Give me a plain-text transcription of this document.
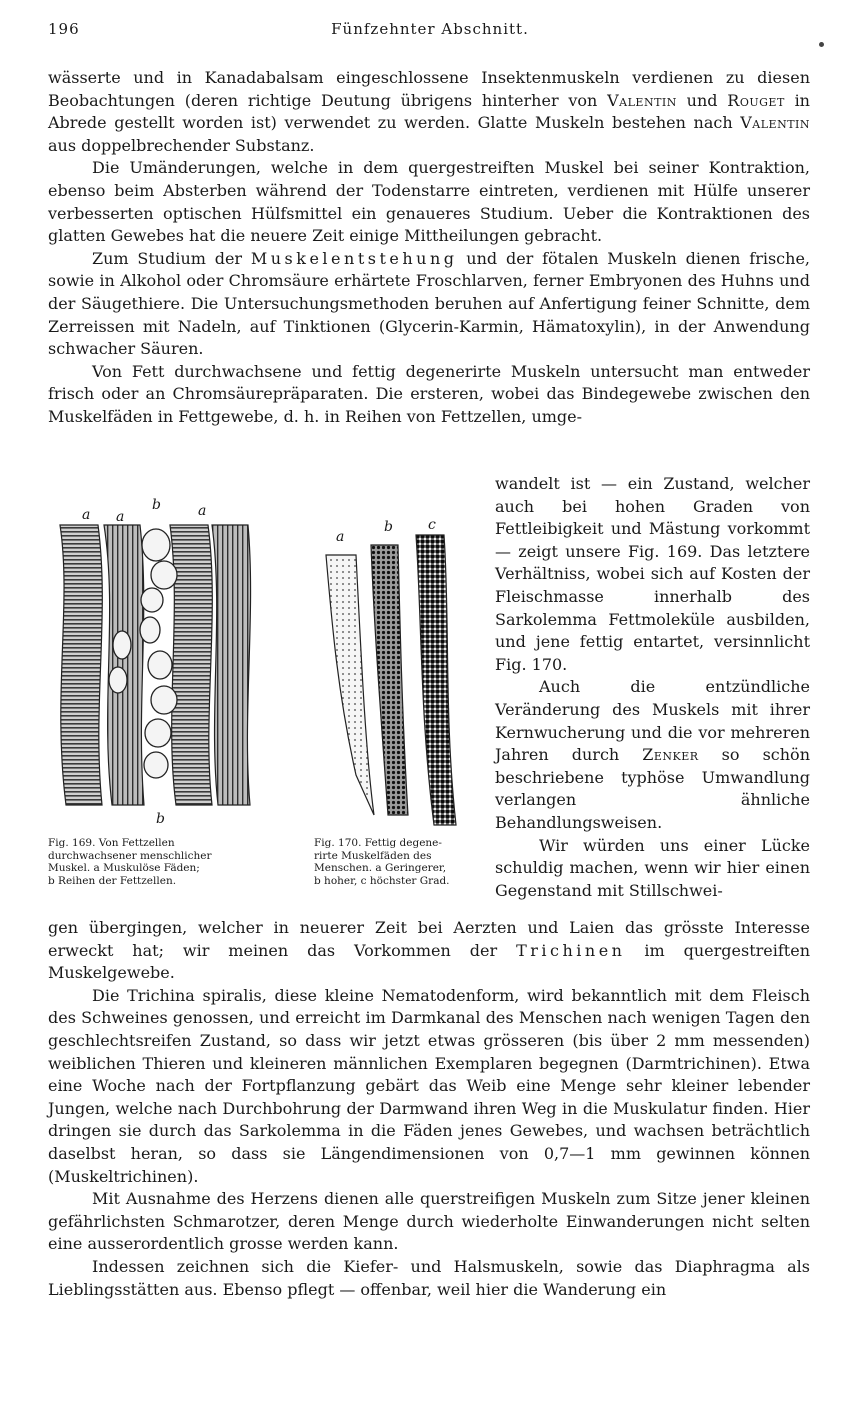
196	Fünfzehnter Abschnitt.

wässerte und in Kanadabalsam eingeschlossene Insektenmuskeln verdienen zu diesen Beobachtungen (deren richtige Deutung übrigens hinterher von Valentin und Rouget in Abrede gestellt worden ist) verwendet zu werden. Glatte Muskeln bestehen nach Valentin aus doppelbrechender Substanz.

Die Umänderungen, welche in dem quergestreiften Muskel bei seiner Kontraktion, ebenso beim Absterben während der Todenstarre eintreten, verdienen mit Hülfe unserer verbesserten optischen Hülfsmittel ein genaueres Studium. Ueber die Kontraktionen des glatten Gewebes hat die neuere Zeit einige Mittheilungen gebracht.

Zum Studium der Muskelentstehung und der fötalen Muskeln dienen frische, sowie in Alkohol oder Chromsäure erhärtete Froschlarven, ferner Embryonen des Huhns und der Säugethiere. Die Untersuchungsmethoden beruhen auf Anfertigung feiner Schnitte, dem Zerreissen mit Nadeln, auf Tinktionen (Glycerin-Karmin, Hämatoxylin), in der Anwendung schwacher Säuren.

Von Fett durchwachsene und fettig degenerirte Muskeln untersucht man entweder frisch oder an Chromsäurepräparaten. Die ersteren, wobei das Bindegewebe zwischen den Muskelfäden in Fettgewebe, d. h. in Reihen von Fettzellen, umge-

a a
b	a
b
Fig. 169. Von Fettzellen
durchwachsener menschlicher
Muskel. a Muskulöse Fäden;
b Reihen der Fettzellen.
a
b	c
Fig. 170. Fettig degene-
rirte Muskelfäden des
Menschen. a Geringerer,
b hoher, c höchster Grad.

wandelt ist — ein Zustand, welcher auch bei hohen Graden von Fettleibigkeit und Mästung vorkommt — zeigt unsere Fig. 169. Das letztere Verhältniss, wobei sich auf Kosten der Fleischmasse innerhalb des Sarkolemma Fettmoleküle ausbilden, und jene fettig entartet, versinnlicht Fig. 170.

Auch die entzündliche Veränderung des Muskels mit ihrer Kernwucherung und die vor mehreren Jahren durch Zenker so schön beschriebene typhöse Umwandlung verlangen ähnliche Behandlungsweisen.

Wir würden uns einer Lücke schuldig machen, wenn wir hier einen Gegenstand mit Stillschwei-

gen übergingen, welcher in neuerer Zeit bei Aerzten und Laien das grösste Interesse erweckt hat; wir meinen das Vorkommen der Trichinen im quergestreiften Muskelgewebe.

Die Trichina spiralis, diese kleine Nematodenform, wird bekanntlich mit dem Fleisch des Schweines genossen, und erreicht im Darmkanal des Menschen nach wenigen Tagen den geschlechtsreifen Zustand, so dass wir jetzt etwas grösseren (bis über 2 mm messenden) weiblichen Thieren und kleineren männlichen Exemplaren begegnen (Darmtrichinen). Etwa eine Woche nach der Fortpflanzung gebärt das Weib eine Menge sehr kleiner lebender Jungen, welche nach Durchbohrung der Darmwand ihren Weg in die Muskulatur finden. Hier dringen sie durch das Sarkolemma in die Fäden jenes Gewebes, und wachsen beträchtlich daselbst heran, so dass sie Längendimensionen von 0,7—1 mm gewinnen können (Muskeltrichinen).

Mit Ausnahme des Herzens dienen alle querstreifigen Muskeln zum Sitze jener kleinen gefährlichsten Schmarotzer, deren Menge durch wiederholte Einwanderungen nicht selten eine ausserordentlich grosse werden kann.

Indessen zeichnen sich die Kiefer- und Halsmuskeln, sowie das Diaphragma als Lieblingsstätten aus. Ebenso pflegt — offenbar, weil hier die Wanderung ein
